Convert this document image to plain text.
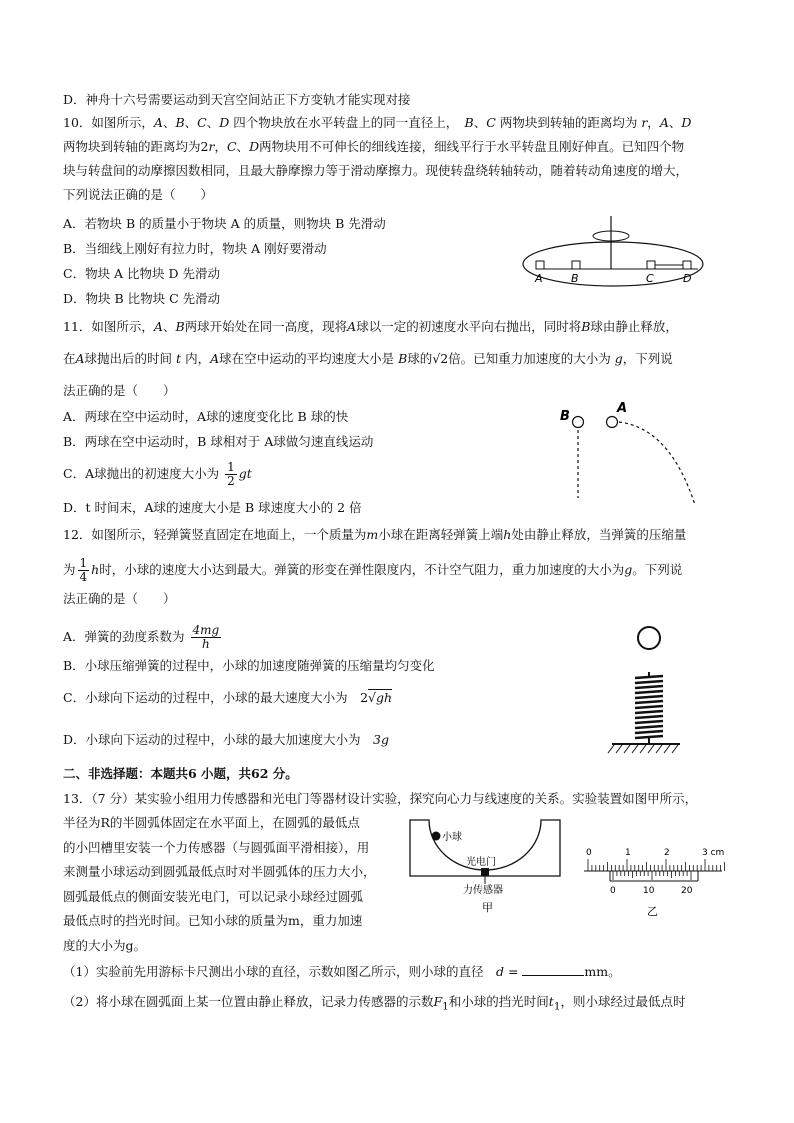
D．神舟十六号需要运动到天宫空间站正下方变轨才能实现对接
10．如图所示，A、B、C、D 四个物块放在水平转盘上的同一直径上，　 B、C 两物块到转轴的距离均为 r，A、D
两物块到转轴的距离均为2r，C、D两物块用不可伸长的细线连接，细线平行于水平转盘且刚好伸直。已知四个物
块与转盘间的动摩擦因数相同，且最大静摩擦力等于滑动摩擦力。现使转盘绕转轴转动，随着转动角速度的增大，
下列说法正确的是（　　）
A．若物块 B 的质量小于物块 A 的质量，则物块 B 先滑动
B．当细线上刚好有拉力时，物块 A 刚好要滑动
C．物块 A 比物块 D 先滑动
D．物块 B 比物块 C 先滑动
A	B	C	D
11．如图所示，A、B两球开始处在同一高度，现将A球以一定的初速度水平向右抛出，同时将B球由静止释放，
在A球抛出后的时间 t 内，A球在空中运动的平均速度大小是 B球的√2倍。已知重力加速度的大小为 g，下列说
法正确的是（　　）
A．两球在空中运动时，A球的速度变化比 B 球的快
B．两球在空中运动时，B 球相对于 A球做匀速直线运动
C．A球抛出的初速度大小为 $\frac{1}{2}$ gt
D．t 时间末，A球的速度大小是 B 球速度大小的 2 倍
B
A
12．如图所示，轻弹簧竖直固定在地面上，一个质量为m小球在距离轻弹簧上端h处由静止释放，当弹簧的压缩量
为 $\frac{1}{4}$ h时，小球的速度大小达到最大。弹簧的形变在弹性限度内，不计空气阻力，重力加速度的大小为g。下列说
法正确的是（　　）
A．弹簧的劲度系数为 $\frac{4mg}{h}$
B．小球压缩弹簧的过程中，小球的加速度随弹簧的压缩量均匀变化
C．小球向下运动的过程中，小球的最大速度大小为　2√gh
D．小球向下运动的过程中，小球的最大加速度大小为　 3g
二、非选择题：本题共6 小题，共62 分。
13．（7 分）某实验小组用力传感器和光电门等器材设计实验，探究向心力与线速度的关系。实验装置如图甲所示，
半径为R的半圆弧体固定在水平面上，在圆弧的最低点
的小凹槽里安装一个力传感器（与圆弧面平滑相接），用
来测量小球运动到圆弧最低点时对半圆弧体的压力大小，
圆弧最低点的侧面安装光电门，可以记录小球经过圆弧
最低点时的挡光时间。已知小球的质量为m，重力加速
度的大小为g。
（1）实验前先用游标卡尺测出小球的直径，示数如图乙所示，则小球的直径　d =	mm。
（2）将小球在圆弧面上某一位置由静止释放，记录力传感器的示数$F_1$和小球的挡光时间$t_1$，则小球经过最低点时
小球
光电门
力传感器
甲
0	1	2	3 cm
0	10	20
乙
